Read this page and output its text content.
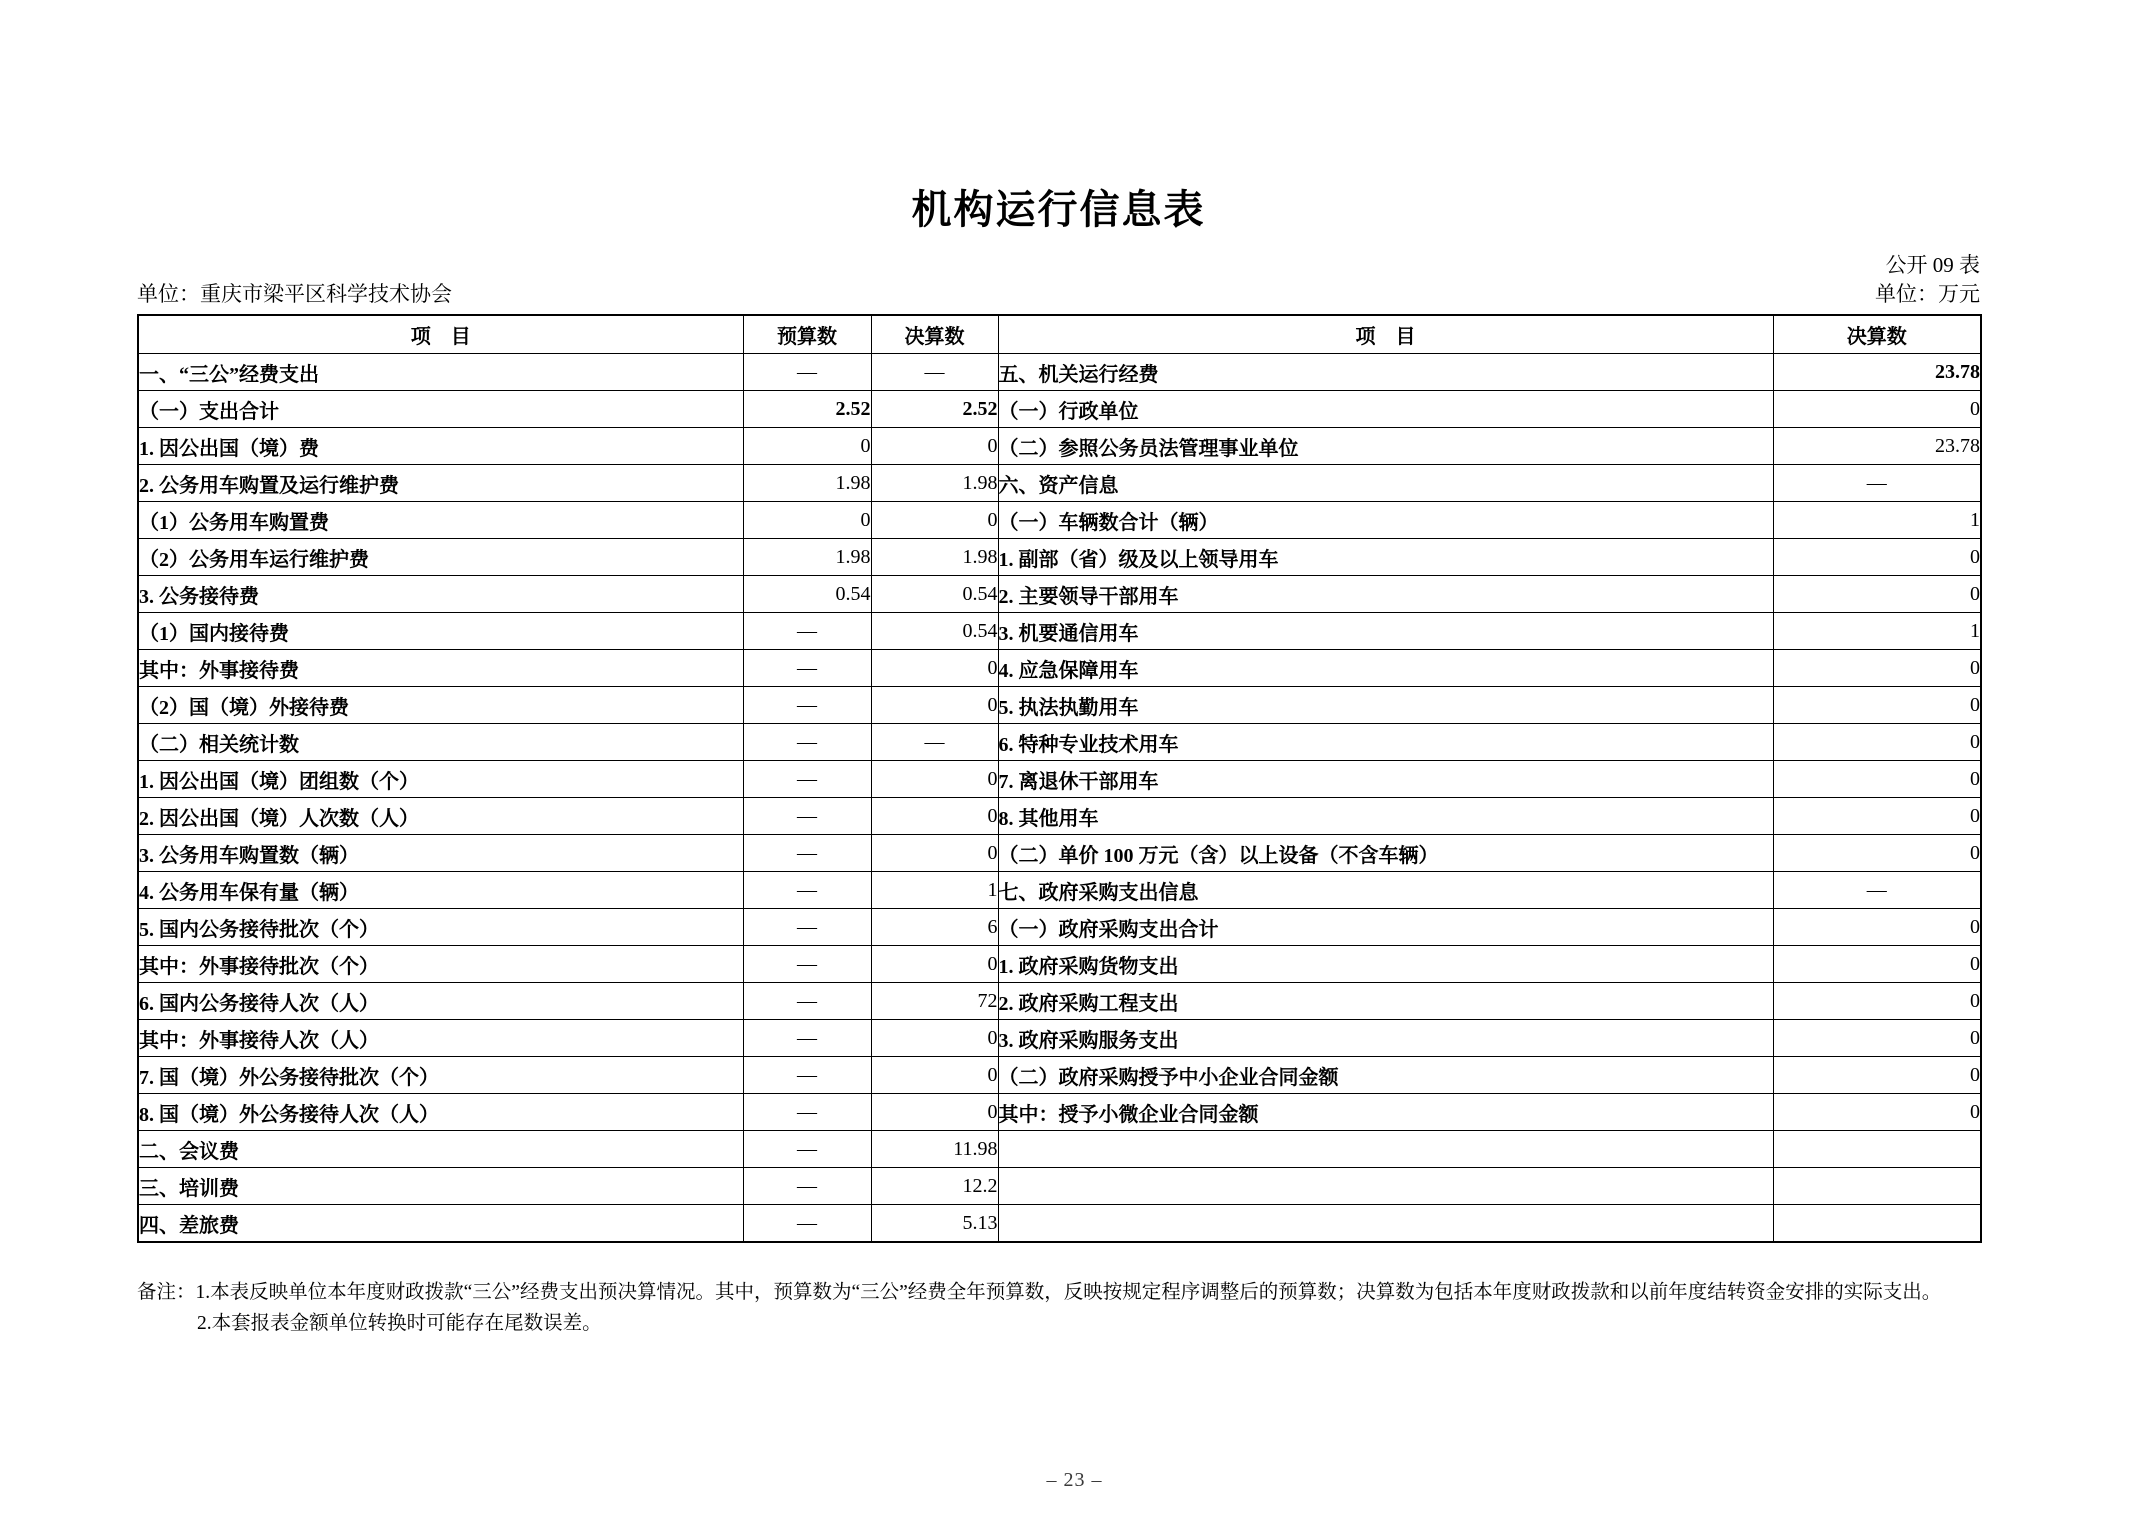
机构运行信息表
公开 09 表
单位：重庆市梁平区科学技术协会	单位：万元
项　目	预算数	决算数	项　目	决算数
一、“三公”经费支出	—	—	五、机关运行经费	23.78
（一）支出合计	2.52	2.52	（一）行政单位	0
1. 因公出国（境）费	0	0	（二）参照公务员法管理事业单位	23.78
2. 公务用车购置及运行维护费	1.98	1.98	六、资产信息	—
（1）公务用车购置费	0	0	（一）车辆数合计（辆）	1
（2）公务用车运行维护费	1.98	1.98	1. 副部（省）级及以上领导用车	0
3. 公务接待费	0.54	0.54	2. 主要领导干部用车	0
（1）国内接待费	—	0.54	3. 机要通信用车	1
其中：外事接待费	—	0	4. 应急保障用车	0
（2）国（境）外接待费	—	0	5. 执法执勤用车	0
（二）相关统计数	—	—	6. 特种专业技术用车	0
1. 因公出国（境）团组数（个）	—	0	7. 离退休干部用车	0
2. 因公出国（境）人次数（人）	—	0	8. 其他用车	0
3. 公务用车购置数（辆）	—	0	（二）单价 100 万元（含）以上设备（不含车辆）	0
4. 公务用车保有量（辆）	—	1	七、政府采购支出信息	—
5. 国内公务接待批次（个）	—	6	（一）政府采购支出合计	0
其中：外事接待批次（个）	—	0	1. 政府采购货物支出	0
6. 国内公务接待人次（人）	—	72	2. 政府采购工程支出	0
其中：外事接待人次（人）	—	0	3. 政府采购服务支出	0
7. 国（境）外公务接待批次（个）	—	0	（二）政府采购授予中小企业合同金额	0
8. 国（境）外公务接待人次（人）	—	0	其中：授予小微企业合同金额	0
二、会议费	—	11.98		
三、培训费	—	12.2		
四、差旅费	—	5.13		
备注：1.本表反映单位本年度财政拨款“三公”经费支出预决算情况。其中，预算数为“三公”经费全年预算数，反映按规定程序调整后的预算数；决算数为包括本年度财政拨款和以前年度结转资金安排的实际支出。
2.本套报表金额单位转换时可能存在尾数误差。
– 23 –
